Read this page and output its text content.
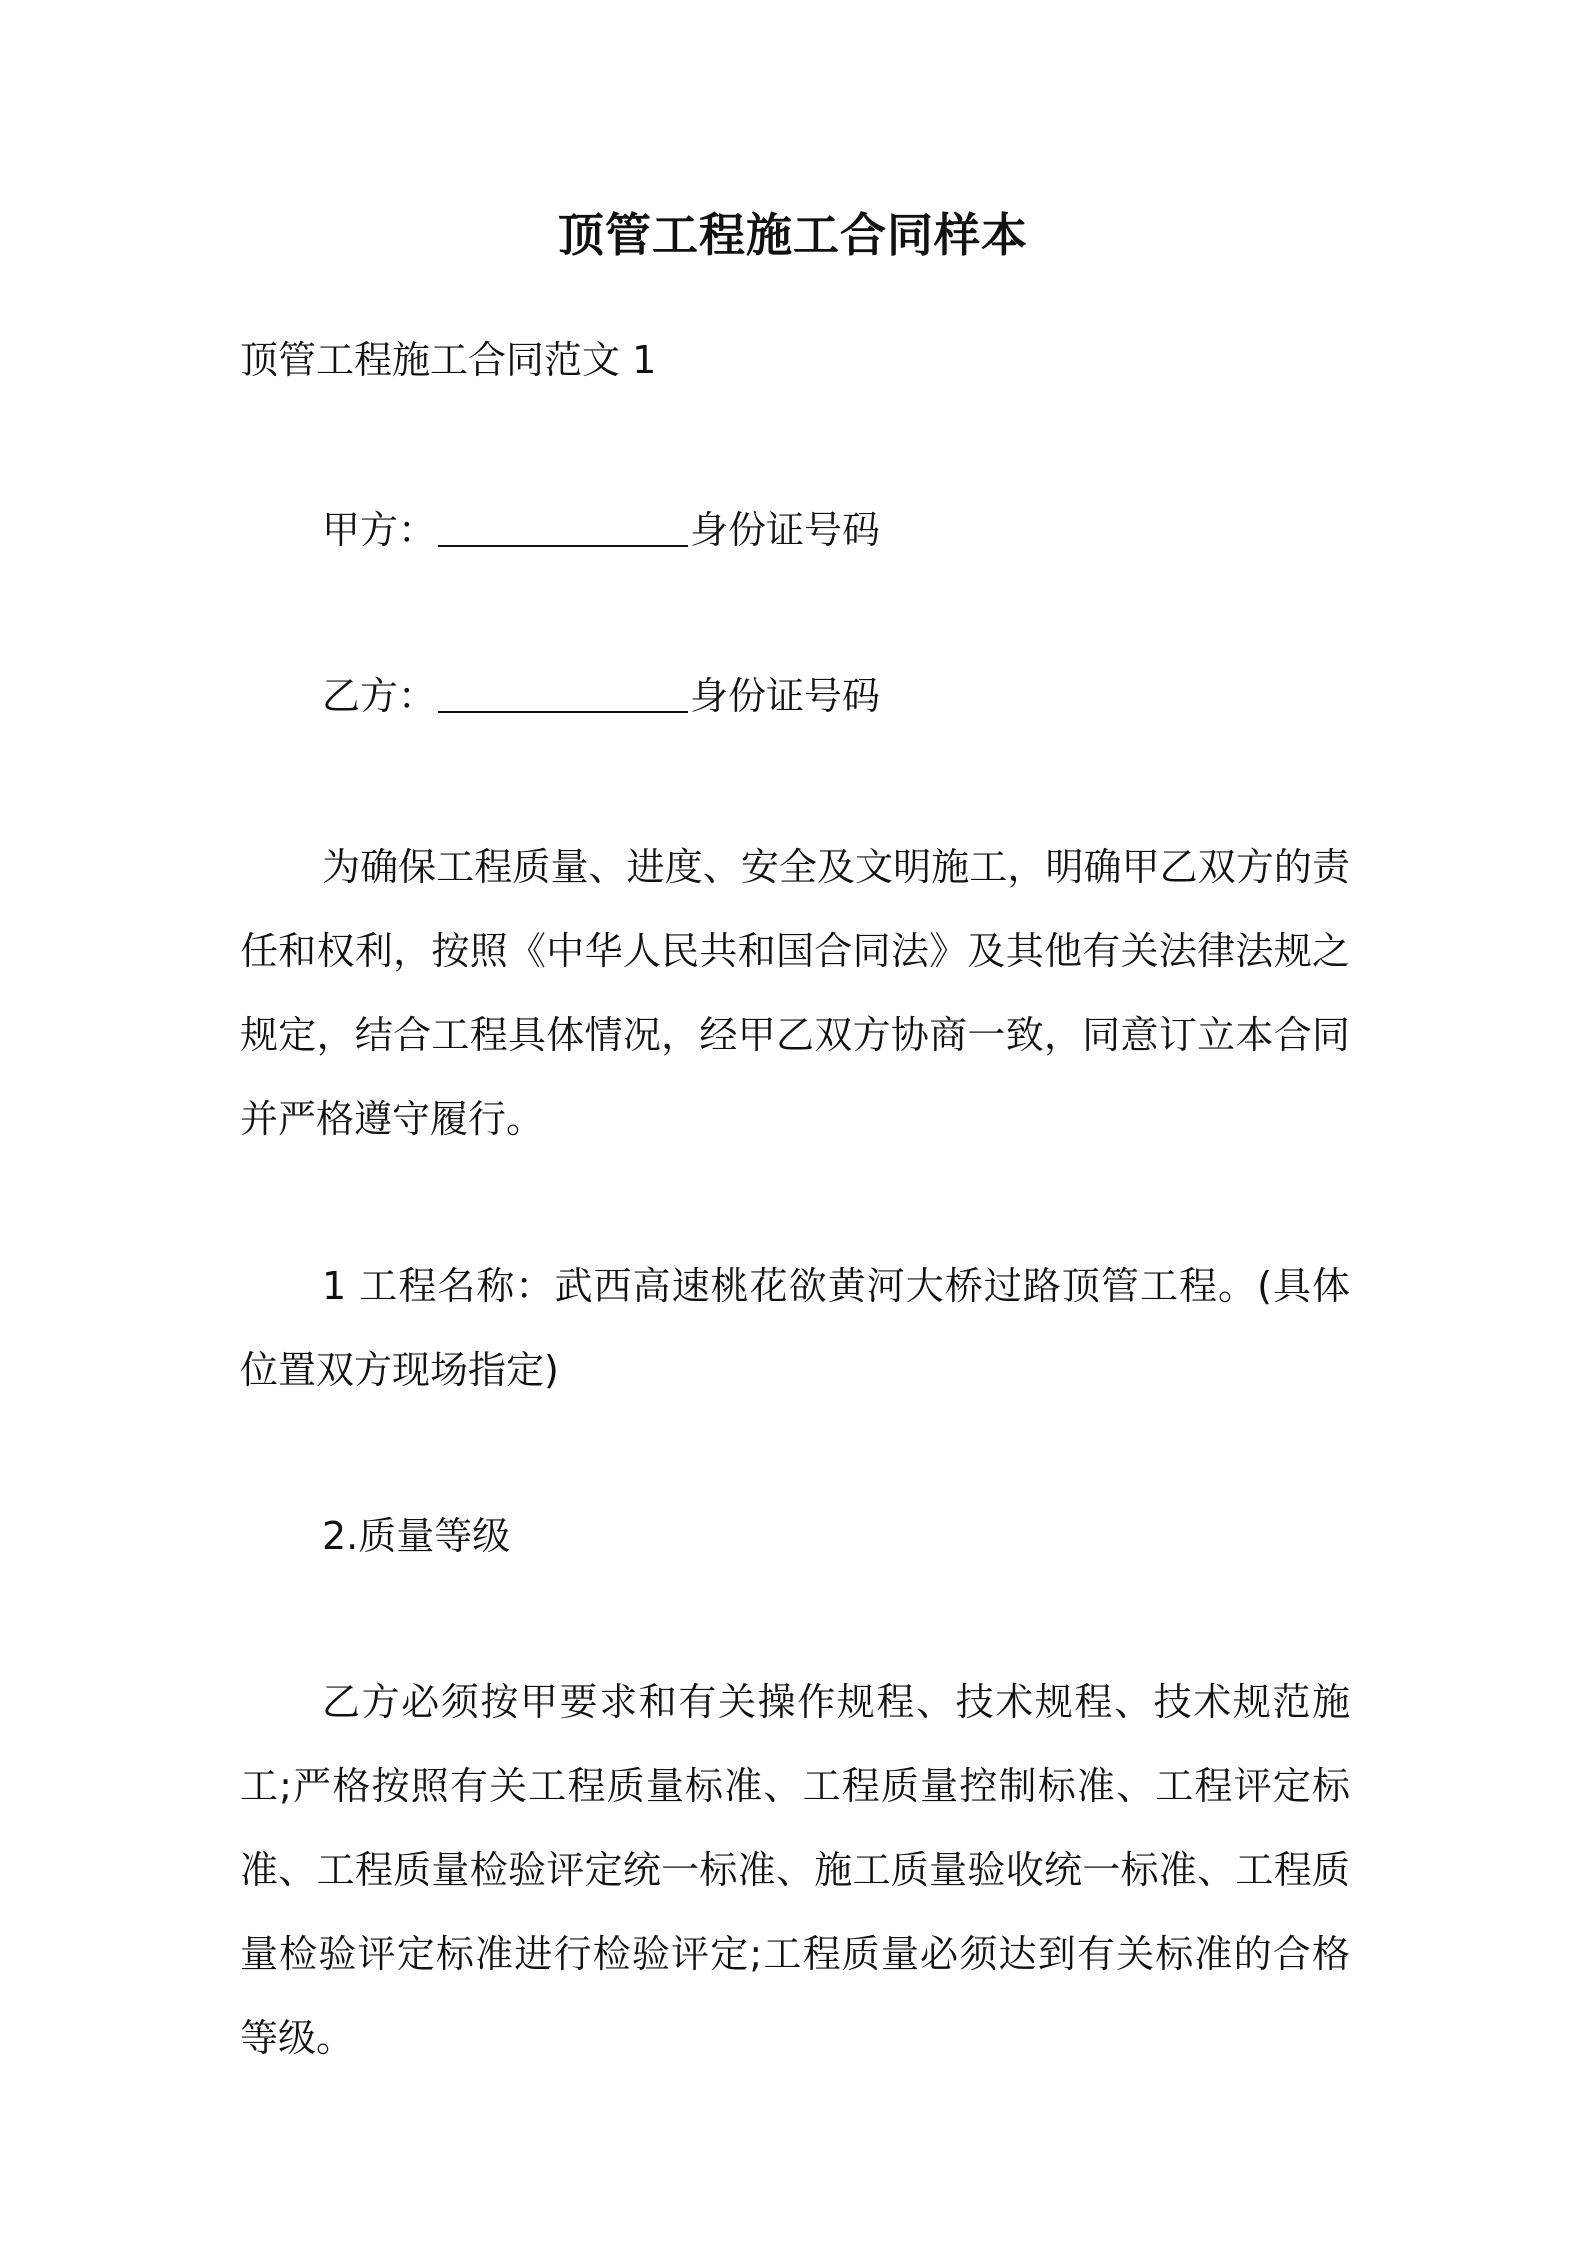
顶管工程施工合同样本
顶管工程施工合同范文 1
甲方：	身份证号码
乙方：	身份证号码
为确保工程质量、进度、安全及文明施工，明确甲乙双方的责任和权利，按照《中华人民共和国合同法》及其他有关法律法规之规定，结合工程具体情况，经甲乙双方协商一致，同意订立本合同并严格遵守履行。
1 工程名称：武西高速桃花欲黄河大桥过路顶管工程。(具体位置双方现场指定)
2.质量等级
乙方必须按甲要求和有关操作规程、技术规程、技术规范施工;严格按照有关工程质量标准、工程质量控制标准、工程评定标准、工程质量检验评定统一标准、施工质量验收统一标准、工程质量检验评定标准进行检验评定;工程质量必须达到有关标准的合格等级。
